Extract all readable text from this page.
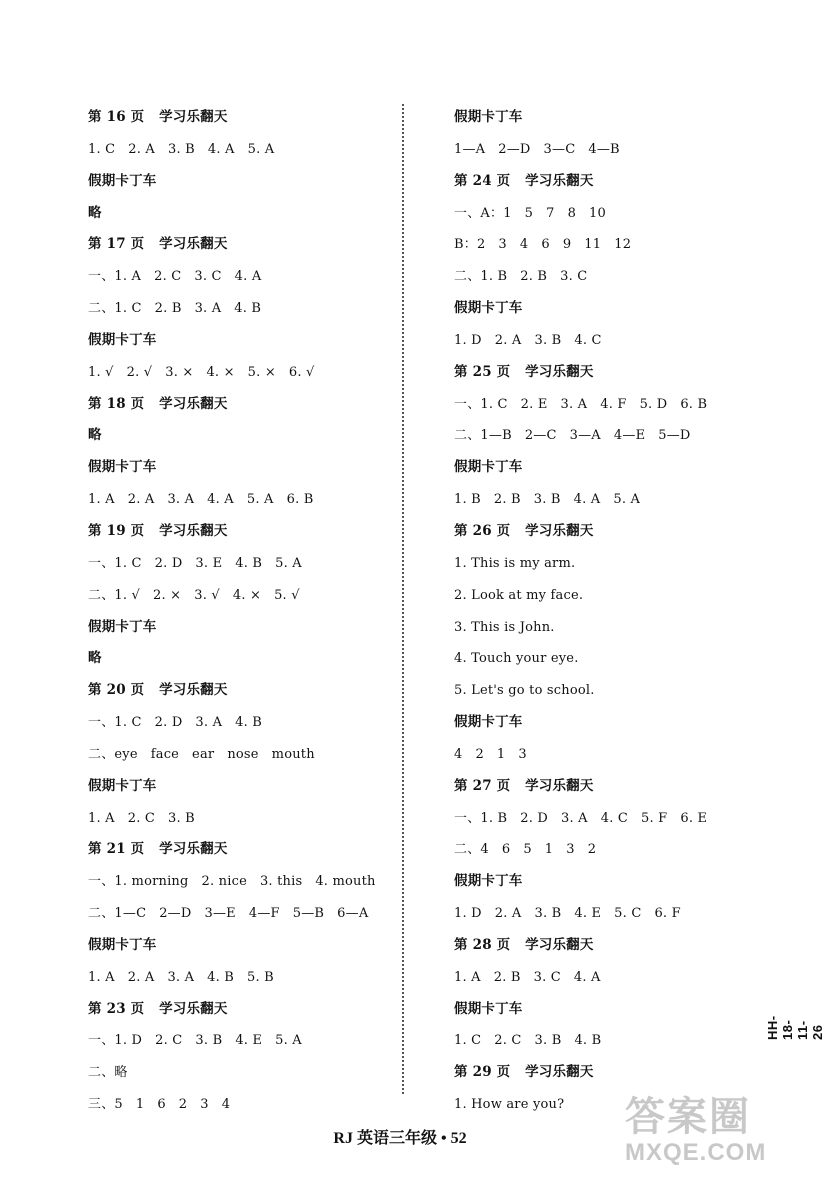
第 16 页   学习乐翻天
1. C   2. A   3. B   4. A   5. A
假期卡丁车
略
第 17 页   学习乐翻天
一、1. A   2. C   3. C   4. A
二、1. C   2. B   3. A   4. B
假期卡丁车
1. √   2. √   3. ×   4. ×   5. ×   6. √
第 18 页   学习乐翻天
略
假期卡丁车
1. A   2. A   3. A   4. A   5. A   6. B
第 19 页   学习乐翻天
一、1. C   2. D   3. E   4. B   5. A
二、1. √   2. ×   3. √   4. ×   5. √
假期卡丁车
略
第 20 页   学习乐翻天
一、1. C   2. D   3. A   4. B
二、eye   face   ear   nose   mouth
假期卡丁车
1. A   2. C   3. B
第 21 页   学习乐翻天
一、1. morning   2. nice   3. this   4. mouth
二、1—C   2—D   3—E   4—F   5—B   6—A
假期卡丁车
1. A   2. A   3. A   4. B   5. B
第 23 页   学习乐翻天
一、1. D   2. C   3. B   4. E   5. A
二、略
三、5   1   6   2   3   4
假期卡丁车
1—A   2—D   3—C   4—B
第 24 页   学习乐翻天
一、A：1   5   7   8   10
B：2   3   4   6   9   11   12
二、1. B   2. B   3. C
假期卡丁车
1. D   2. A   3. B   4. C
第 25 页   学习乐翻天
一、1. C   2. E   3. A   4. F   5. D   6. B
二、1—B   2—C   3—A   4—E   5—D
假期卡丁车
1. B   2. B   3. B   4. A   5. A
第 26 页   学习乐翻天
1. This is my arm.
2. Look at my face.
3. This is John.
4. Touch your eye.
5. Let's go to school.
假期卡丁车
4   2   1   3
第 27 页   学习乐翻天
一、1. B   2. D   3. A   4. C   5. F   6. E
二、4   6   5   1   3   2
假期卡丁车
1. D   2. A   3. B   4. E   5. C   6. F
第 28 页   学习乐翻天
1. A   2. B   3. C   4. A
假期卡丁车
1. C   2. C   3. B   4. B
第 29 页   学习乐翻天
1. How are you?
RJ 英语三年级 • 52
HH-18-11-26
答案圈
MXQE.COM
